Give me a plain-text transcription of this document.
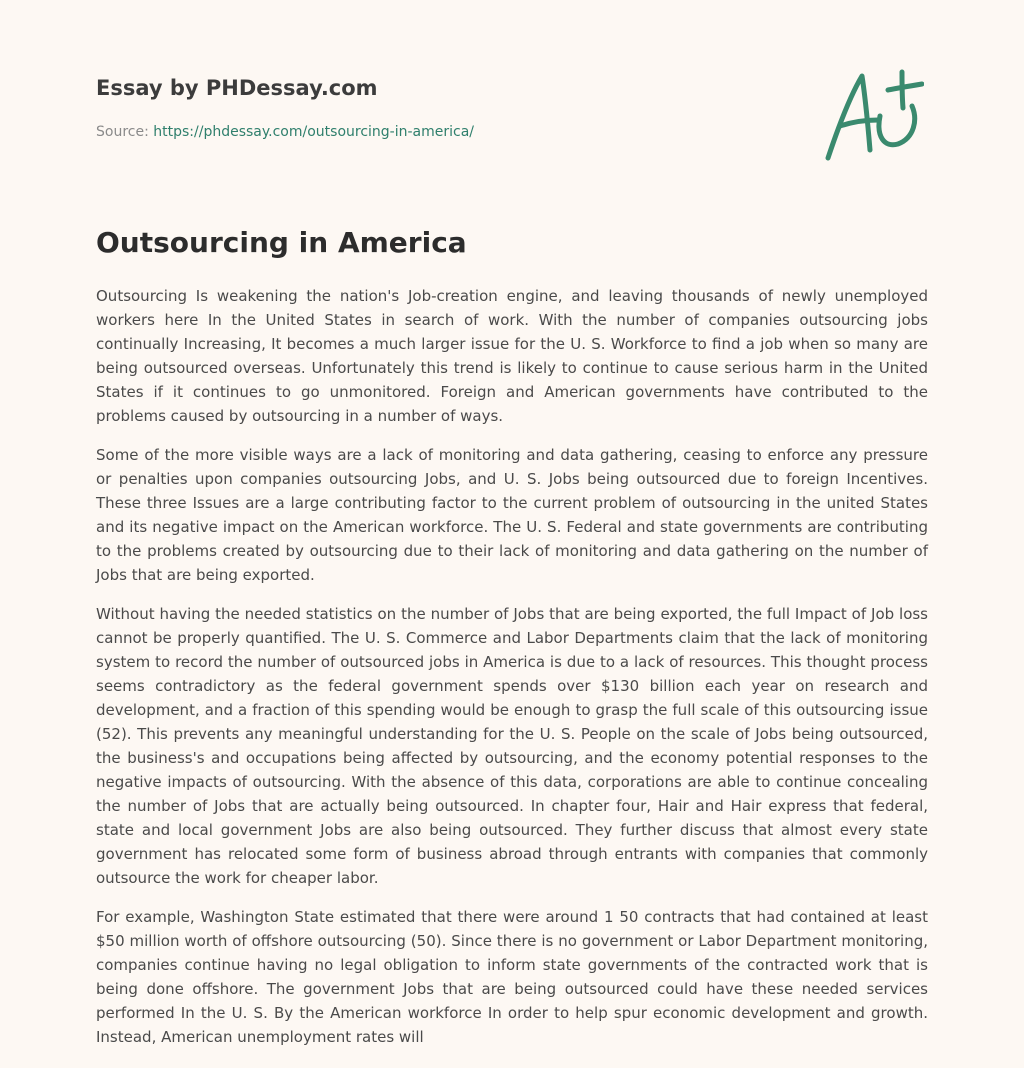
Essay by PHDessay.com
Source: https://phdessay.com/outsourcing-in-america/
Outsourcing in America

Outsourcing Is weakening the nation's Job-creation engine, and leaving thousands of newly unemployed workers here In the United States in search of work. With the number of companies outsourcing jobs continually Increasing, It becomes a much larger issue for the U. S. Workforce to find a job when so many are being outsourced overseas. Unfortunately this trend is likely to continue to cause serious harm in the United States if it continues to go unmonitored. Foreign and American governments have contributed to the problems caused by outsourcing in a number of ways.

Some of the more visible ways are a lack of monitoring and data gathering, ceasing to enforce any pressure or penalties upon companies outsourcing Jobs, and U. S. Jobs being outsourced due to foreign Incentives. These three Issues are a large contributing factor to the current problem of outsourcing in the united States and its negative impact on the American workforce. The U. S. Federal and state governments are contributing to the problems created by outsourcing due to their lack of monitoring and data gathering on the number of Jobs that are being exported.

Without having the needed statistics on the number of Jobs that are being exported, the full Impact of Job loss cannot be properly quantified. The U. S. Commerce and Labor Departments claim that the lack of monitoring system to record the number of outsourced jobs in America is due to a lack of resources. This thought process seems contradictory as the federal government spends over $130 billion each year on research and development, and a fraction of this spending would be enough to grasp the full scale of this outsourcing issue (52). This prevents any meaningful understanding for the U. S. People on the scale of Jobs being outsourced, the business's and occupations being affected by outsourcing, and the economy potential responses to the negative impacts of outsourcing. With the absence of this data, corporations are able to continue concealing the number of Jobs that are actually being outsourced. In chapter four, Hair and Hair express that federal, state and local government Jobs are also being outsourced. They further discuss that almost every state government has relocated some form of business abroad through entrants with companies that commonly outsource the work for cheaper labor.

For example, Washington State estimated that there were around 1 50 contracts that had contained at least $50 million worth of offshore outsourcing (50). Since there is no government or Labor Department monitoring, companies continue having no legal obligation to inform state governments of the contracted work that is being done offshore. The government Jobs that are being outsourced could have these needed services performed In the U. S. By the American workforce In order to help spur economic development and growth. Instead, American unemployment rates will
